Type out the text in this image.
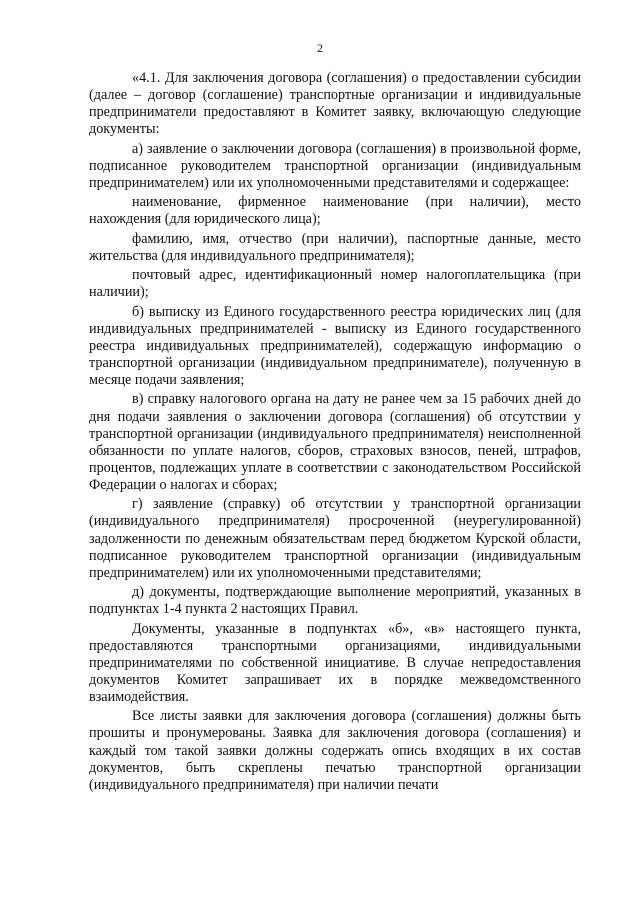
2

«4.1. Для заключения договора (соглашения) о предоставлении субсидии (далее – договор (соглашение) транспортные организации и индивидуальные предприниматели предоставляют в Комитет заявку, включающую следующие документы:

а) заявление о заключении договора (соглашения) в произвольной форме, подписанное руководителем транспортной организации (индивидуальным предпринимателем) или их уполномоченными представителями и содержащее:

наименование, фирменное наименование (при наличии), место нахождения (для юридического лица);

фамилию, имя, отчество (при наличии), паспортные данные, место жительства (для индивидуального предпринимателя);

почтовый адрес, идентификационный номер налогоплательщика (при наличии);

б) выписку из Единого государственного реестра юридических лиц (для индивидуальных предпринимателей - выписку из Единого государственного реестра индивидуальных предпринимателей), содержащую информацию о транспортной организации (индивидуальном предпринимателе), полученную в месяце подачи заявления;

в) справку налогового органа на дату не ранее чем за 15 рабочих дней до дня подачи заявления о заключении договора (соглашения) об отсутствии у транспортной организации (индивидуального предпринимателя) неисполненной обязанности по уплате налогов, сборов, страховых взносов, пеней, штрафов, процентов, подлежащих уплате в соответствии с законодательством Российской Федерации о налогах и сборах;

г) заявление (справку) об отсутствии у транспортной организации (индивидуального предпринимателя) просроченной (неурегулированной) задолженности по денежным обязательствам перед бюджетом Курской области, подписанное руководителем транспортной организации (индивидуальным предпринимателем) или их уполномоченными представителями;

д) документы, подтверждающие выполнение мероприятий, указанных в подпунктах 1-4 пункта 2 настоящих Правил.

Документы, указанные в подпунктах «б», «в» настоящего пункта, предоставляются транспортными организациями, индивидуальными предпринимателями по собственной инициативе. В случае непредоставления документов Комитет запрашивает их в порядке межведомственного взаимодействия.

Все листы заявки для заключения договора (соглашения) должны быть прошиты и пронумерованы. Заявка для заключения договора (соглашения) и каждый том такой заявки должны содержать опись входящих в их состав документов, быть скреплены печатью транспортной организации (индивидуального предпринимателя) при наличии печати
